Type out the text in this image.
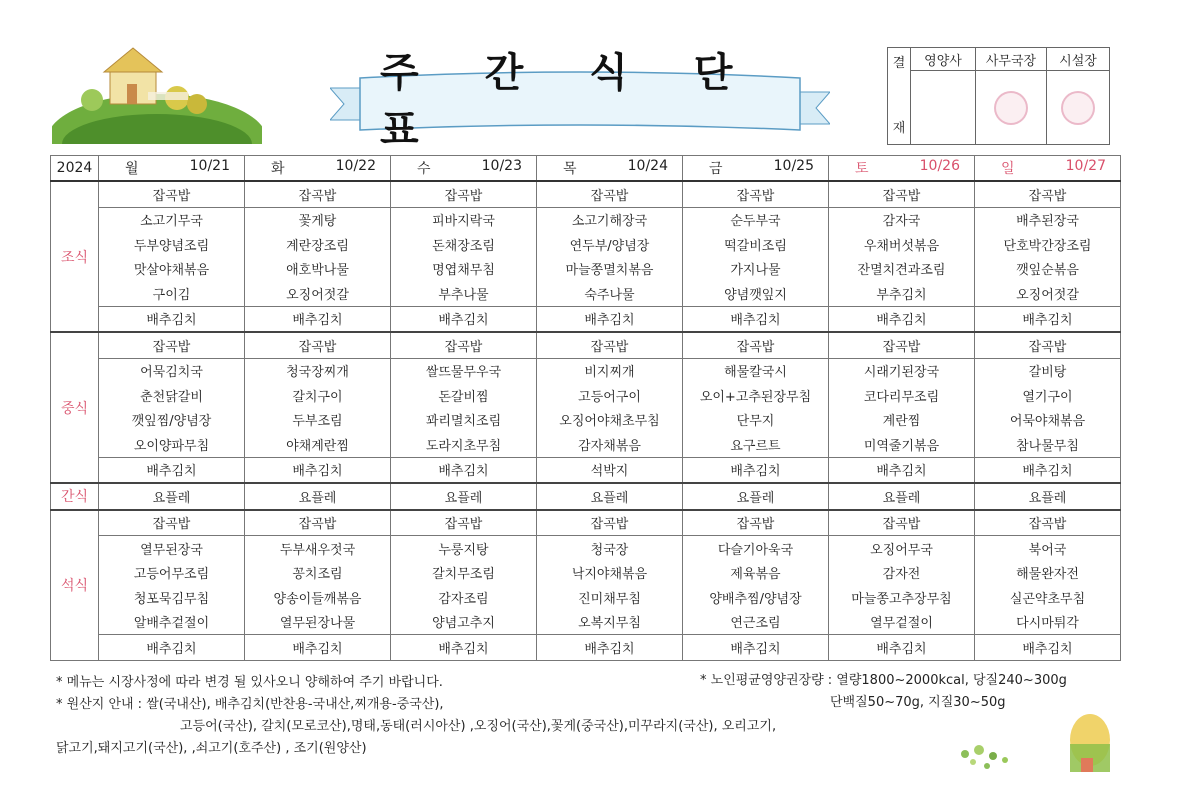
주 간 식 단 표
결
재	영양사	사무국장	시설장

2024	월 10/21	화 10/22	수 10/23	목 10/24	금 10/25	토 10/26	일 10/27

조식	잡곡밥	잡곡밥	잡곡밥	잡곡밥	잡곡밥	잡곡밥	잡곡밥
	소고기무국	꽃게탕	피바지락국	소고기해장국	순두부국	감자국	배추된장국
	두부양념조림	계란장조림	돈채장조림	연두부/양념장	떡갈비조림	우채버섯볶음	단호박간장조림
	맛살야채볶음	애호박나물	명엽채무침	마늘쫑멸치볶음	가지나물	잔멸치견과조림	깻잎순볶음
	구이김	오징어젓갈	부추나물	숙주나물	양념깻잎지	부추김치	오징어젓갈
	배추김치	배추김치	배추김치	배추김치	배추김치	배추김치	배추김치
중식	잡곡밥	잡곡밥	잡곡밥	잡곡밥	잡곡밥	잡곡밥	잡곡밥
	어묵김치국	청국장찌개	쌀뜨물무우국	비지찌개	해물칼국시	시래기된장국	갈비탕
	춘천닭갈비	갈치구이	돈갈비찜	고등어구이	오이+고추된장무침	코다리무조림	열기구이
	깻잎찜/양념장	두부조림	꽈리멸치조림	오징어야채초무침	단무지	계란찜	어묵야채볶음
	오이양파무침	야채계란찜	도라지초무침	감자채볶음	요구르트	미역줄기볶음	참나물무침
	배추김치	배추김치	배추김치	석박지	배추김치	배추김치	배추김치
간식	요플레	요플레	요플레	요플레	요플레	요플레	요플레
석식	잡곡밥	잡곡밥	잡곡밥	잡곡밥	잡곡밥	잡곡밥	잡곡밥
	열무된장국	두부새우젓국	누룽지탕	청국장	다슬기아욱국	오징어무국	북어국
	고등어무조림	꽁치조림	갈치무조림	낙지야채볶음	제육볶음	감자전	해물완자전
	청포묵김무침	양송이들깨볶음	감자조림	진미채무침	양배추찜/양념장	마늘쫑고추장무침	실곤약초무침
	알배추겉절이	열무된장나물	양념고추지	오복지무침	연근조림	열무겉절이	다시마튀각
	배추김치	배추김치	배추김치	배추김치	배추김치	배추김치	배추김치
* 메뉴는 시장사정에 따라 변경 될 있사오니 양해하여 주기 바랍니다.
* 원산지 안내 : 쌀(국내산), 배추김치(반찬용-국내산,찌개용-중국산),
고등어(국산), 갈치(모로코산),명태,동태(러시아산) ,오징어(국산),꽃게(중국산),미꾸라지(국산), 오리고기,
닭고기,돼지고기(국산), ,쇠고기(호주산) , 조기(원양산)
* 노인평균영양권장량 : 열량1800~2000kcal, 당질240~300g
단백질50~70g, 지질30~50g
